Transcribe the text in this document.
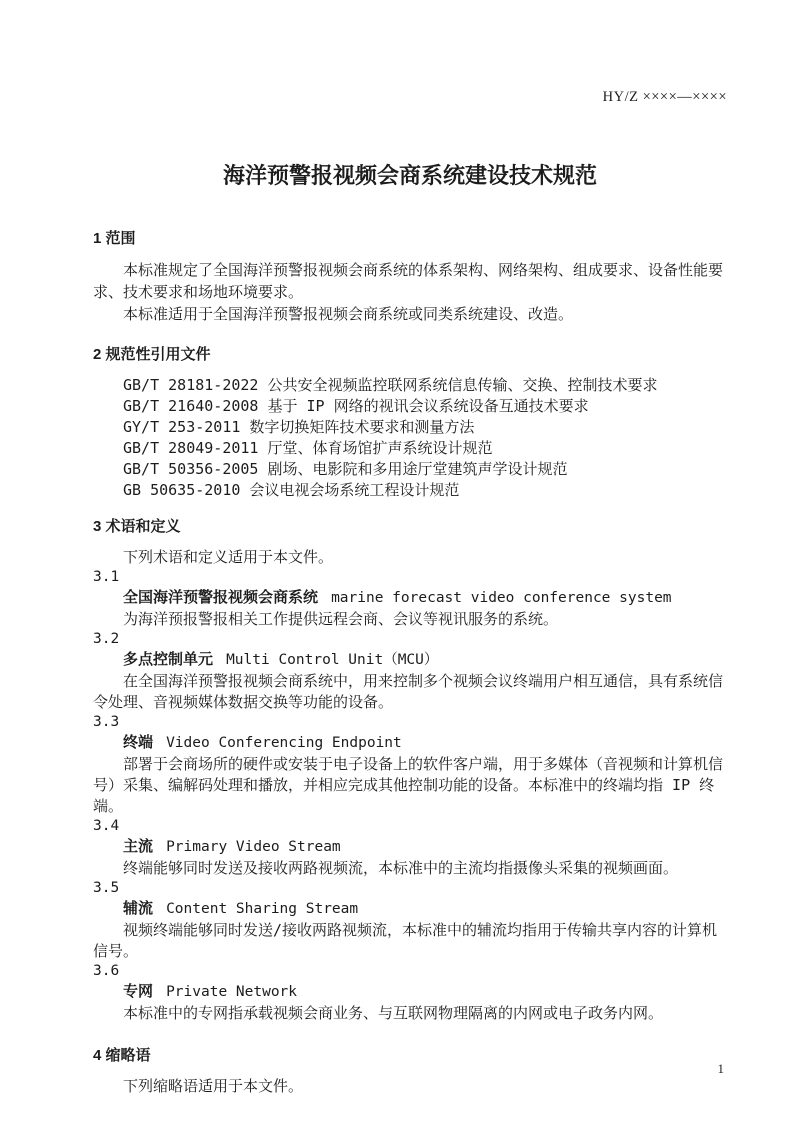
HY/Z ××××—××××
海洋预警报视频会商系统建设技术规范
1 范围

本标准规定了全国海洋预警报视频会商系统的体系架构、网络架构、组成要求、设备性能要求、技术要求和场地环境要求。

本标准适用于全国海洋预警报视频会商系统或同类系统建设、改造。

2 规范性引用文件

GB/T 28181-2022 公共安全视频监控联网系统信息传输、交换、控制技术要求

GB/T 21640-2008 基于 IP 网络的视讯会议系统设备互通技术要求

GY/T 253-2011 数字切换矩阵技术要求和测量方法

GB/T 28049-2011 厅堂、体育场馆扩声系统设计规范

GB/T 50356-2005 剧场、电影院和多用途厅堂建筑声学设计规范

GB 50635-2010 会议电视会场系统工程设计规范

3 术语和定义

下列术语和定义适用于本文件。

3.1
全国海洋预警报视频会商系统 marine forecast video conference system

为海洋预报警报相关工作提供远程会商、会议等视讯服务的系统。

3.2
多点控制单元 Multi Control Unit（MCU）

在全国海洋预警报视频会商系统中，用来控制多个视频会议终端用户相互通信，具有系统信令处理、音视频媒体数据交换等功能的设备。

3.3
终端 Video Conferencing Endpoint

部署于会商场所的硬件或安装于电子设备上的软件客户端，用于多媒体（音视频和计算机信号）采集、编解码处理和播放，并相应完成其他控制功能的设备。本标准中的终端均指 IP 终端。

3.4
主流 Primary Video Stream

终端能够同时发送及接收两路视频流，本标准中的主流均指摄像头采集的视频画面。

3.5
辅流 Content Sharing Stream

视频终端能够同时发送/接收两路视频流，本标准中的辅流均指用于传输共享内容的计算机信号。

3.6
专网 Private Network

本标准中的专网指承载视频会商业务、与互联网物理隔离的内网或电子政务内网。

4 缩略语

下列缩略语适用于本文件。

1
